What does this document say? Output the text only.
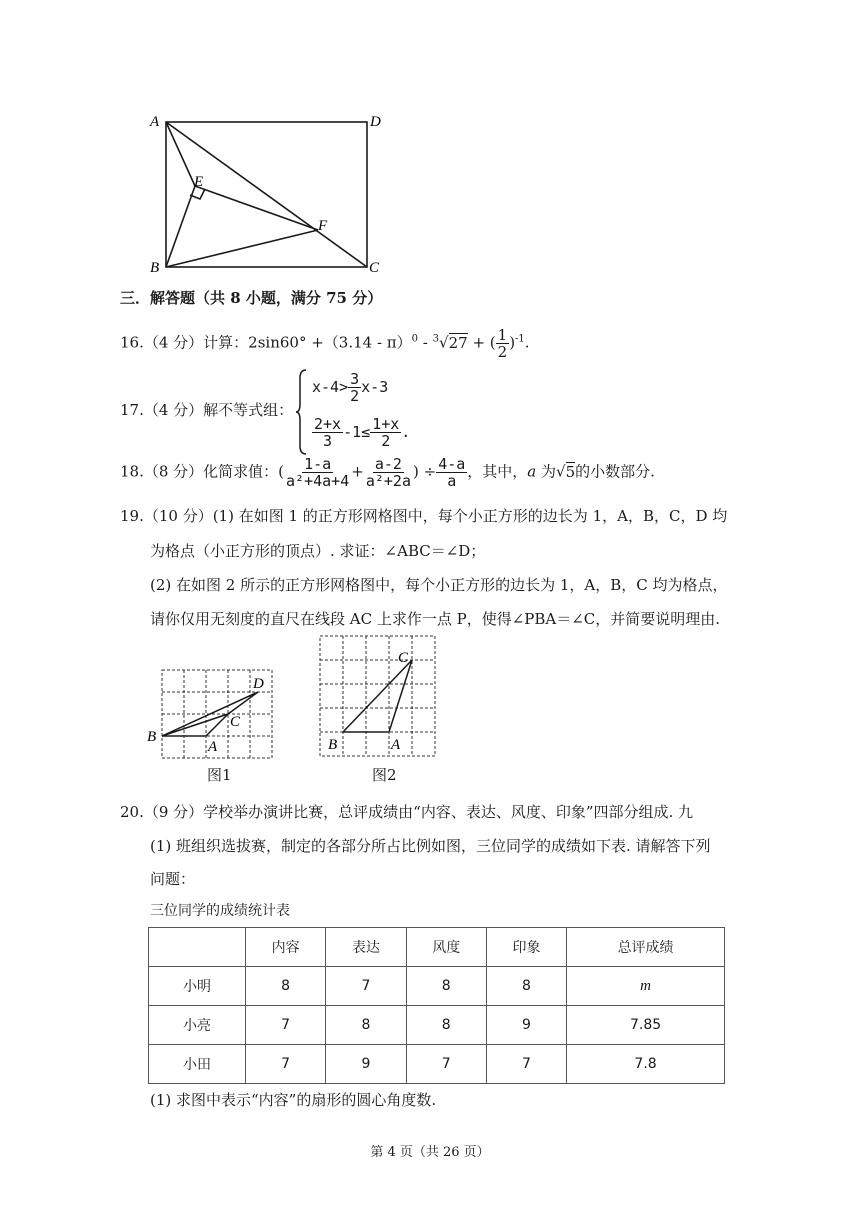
A	D
E
F
B	C
三．解答题（共 8 小题，满分 75 分）
16.（4 分）计算：2sin60° +（3.14 - π）$^0$ - $^3$√27 + ( $\frac{1}{2} )^{-1}$.
17.（4 分）解不等式组：
$x-4> \frac{3}{2} x-3$
$\frac{2+x}{3} -1\le \frac{1+x}{2}$ .
18.（8 分）化简求值：( $\frac{1-a}{\text{a²+4a+4}} + \frac{a-2}{\text{a²+2a}}$ ) ÷ $\frac{4-a}{a}$ ，其中，a 为√5的小数部分.
19.（10 分）(1) 在如图 1 的正方形网格图中，每个小正方形的边长为 1，A，B，C，D 均
为格点（小正方形的顶点）. 求证：∠ABC＝∠D；
(2) 在如图 2 所示的正方形网格图中，每个小正方形的边长为 1，A，B，C 均为格点，
请你仅用无刻度的直尺在线段 AC 上求作一点 P，使得∠PBA＝∠C，并简要说明理由.
B
A
C
D
图1
C
B	A
图2
20.（9 分）学校举办演讲比赛，总评成绩由“内容、表达、风度、印象”四部分组成. 九
(1) 班组织选拔赛，制定的各部分所占比例如图，三位同学的成绩如下表. 请解答下列
问题：
三位同学的成绩统计表
	内容	表达	风度	印象	总评成绩
小明	8	7	8	8	m
小亮	7	8	8	9	7.85
小田	7	9	7	7	7.8
(1) 求图中表示“内容”的扇形的圆心角度数.
第 4 页（共 26 页）
